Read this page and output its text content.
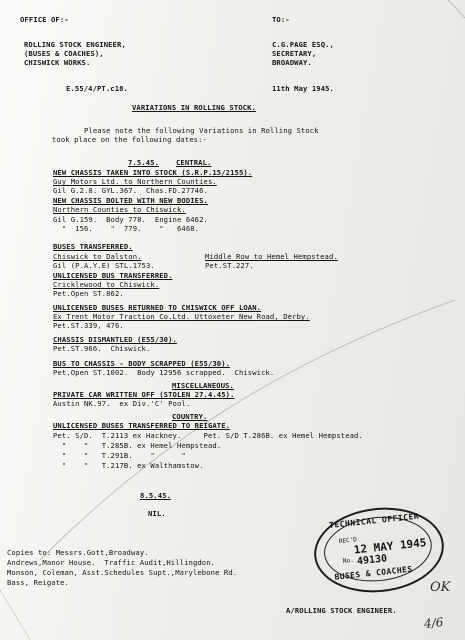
OFFICE OF:-	TO:-
ROLLING STOCK ENGINEER,
(BUSES & COACHES),
CHISWICK WORKS.
C.G.PAGE ESQ.,
SECRETARY,
BROADWAY.
E.55/4/PT.c18.	11th May 1945.
VARIATIONS IN ROLLING STOCK.
Please note the following Variations in Rolling Stock
took place on the following dates:-
7.5.45. CENTRAL.
NEW CHASSIS TAKEN INTO STOCK (S.R.P.15/2155).
Guy Motors Ltd. to Northern Counties.
Gil G.2.8. GYL.367.  Chas.FD.27746.
NEW CHASSIS BOLTED WITH NEW BODIES.
Northern Counties to Chiswick.
Gil G.159.  Body 778.  Engine 6462.
"  156.    "  779.    "   6468.
BUSES TRANSFERRED.
Chiswick to Dalston.	Middle Row to Hemel Hempstead.
Gil (P.A.Y.E) STL.1753.	Pet.ST.227.
UNLICENSED BUS TRANSFERRED.
Cricklewood to Chiswick.
Pet.Open ST.862.
UNLICENSED BUSES RETURNED TO CHISWICK OFF LOAN.
Ex Trent Motor Traction Co.Ltd. Uttoxeter New Road, Derby.
Pet.ST.339, 476.
CHASSIS DISMANTLED (E55/30).
Pet.ST.966.  Chiswick.
BUS TO CHASSIS - BODY SCRAPPED (E55/30).
Pet.Open ST.1002.  Body 12956 scrapped.  Chiswick.
MISCELLANEOUS.
PRIVATE CAR WRITTEN OFF (STOLEN 27.4.45).
Austin NK.97.  ex Div.'C' Pool.
COUNTRY.
UNLICENSED BUSES TRANSFERRED TO REIGATE.
Pet. S/D.  T.2113 ex Hackney.     Pet. S/D T.286B. ex Hemel Hempstead.
"    "   T.285B. ex Hemel Hempstead.
"    "   T.291B.    "      "
"    "   T.217B. ex Walthamstow.
8.5.45.
NIL.
Copies to: Messrs.Gott,Broadway.
Andrews,Manor House.  Traffic Audit,Hillingdon.
Monson, Coleman, Asst.Schedules Supt.,Marylebone Rd.
Bass, Reigate.
A/ROLLING STOCK ENGINEER.
TECHNICAL OFFICER
REC'D
12 MAY 1945
No. 49130
BUSES & COACHES
OK
4/6
